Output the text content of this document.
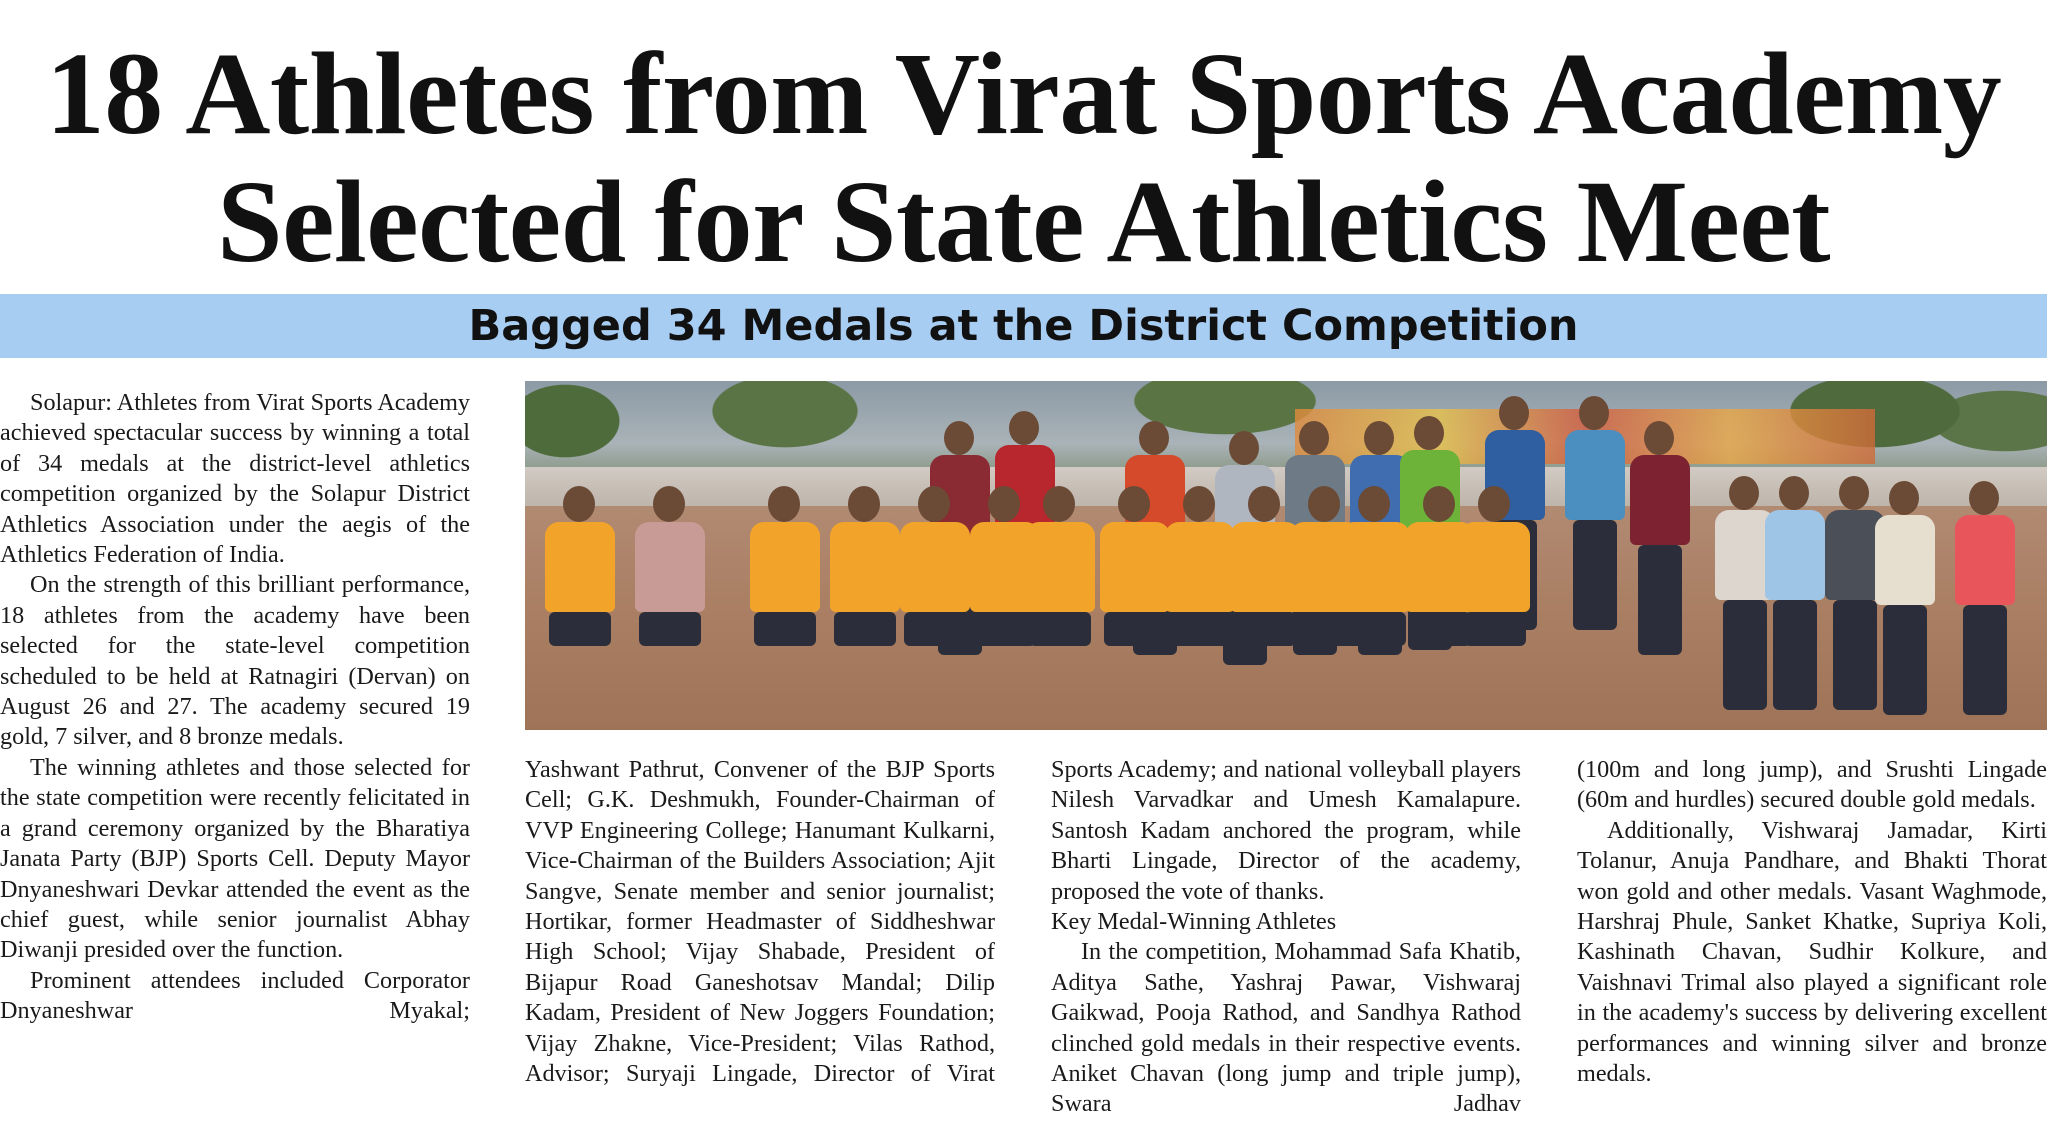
18 Athletes from Virat Sports Academy
Selected for State Athletics Meet
Bagged 34 Medals at the District Competition

Solapur: Athletes from Virat Sports Academy achieved spectacular success by winning a total of 34 medals at the district-level athletics competition organized by the Solapur District Athletics Association under the aegis of the Athletics Federation of India.

On the strength of this brilliant performance, 18 athletes from the academy have been selected for the state-level competition scheduled to be held at Ratnagiri (Dervan) on August 26 and 27. The academy secured 19 gold, 7 silver, and 8 bronze medals.

The winning athletes and those selected for the state competition were recently felicitated in a grand ceremony organized by the Bharatiya Janata Party (BJP) Sports Cell. Deputy Mayor Dnyaneshwari Devkar attended the event as the chief guest, while senior journalist Abhay Diwanji presided over the function.

Prominent attendees included Corporator Dnyaneshwar Myakal;

Yashwant Pathrut, Convener of the BJP Sports Cell; G.K. Deshmukh, Founder-Chairman of VVP Engineering College; Hanumant Kulkarni, Vice-Chairman of the Builders Association; Ajit Sangve, Senate member and senior journalist; Hortikar, former Headmaster of Siddheshwar High School; Vijay Shabade, President of Bijapur Road Ganeshotsav Mandal; Dilip Kadam, President of New Joggers Foundation; Vijay Zhakne, Vice-President; Vilas Rathod, Advisor; Suryaji Lingade, Director of Virat

Sports Academy; and national volleyball players Nilesh Varvadkar and Umesh Kamalapure. Santosh Kadam anchored the program, while Bharti Lingade, Director of the academy, proposed the vote of thanks.

Key Medal-Winning Athletes

In the competition, Mohammad Safa Khatib, Aditya Sathe, Yashraj Pawar, Vishwaraj Gaikwad, Pooja Rathod, and Sandhya Rathod clinched gold medals in their respective events. Aniket Chavan (long jump and triple jump), Swara Jadhav

(100m and long jump), and Srushti Lingade (60m and hurdles) secured double gold medals.

Additionally, Vishwaraj Jamadar, Kirti Tolanur, Anuja Pandhare, and Bhakti Thorat won gold and other medals. Vasant Waghmode, Harshraj Phule, Sanket Khatke, Supriya Koli, Kashinath Chavan, Sudhir Kolkure, and Vaishnavi Trimal also played a significant role in the academy's success by delivering excellent performances and winning silver and bronze medals.
